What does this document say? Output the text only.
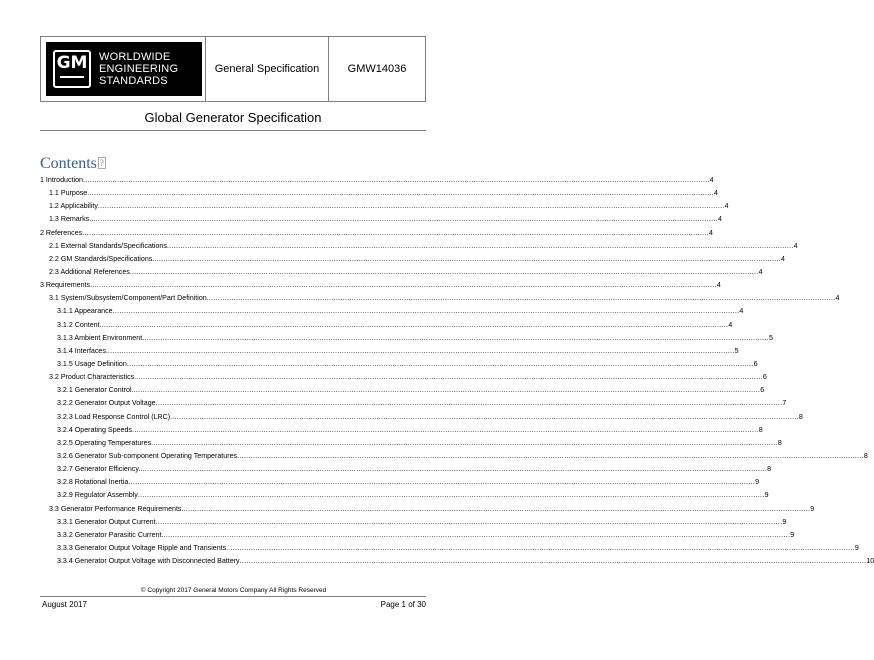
GM WORLDWIDE
ENGINEERING
STANDARDS
General Specification	GMW14036
Global Generator Specification
Contents ?
1 Introduction .....	4
1.1 Purpose .....	4
1.2 Applicability .....	4
1.3 Remarks. .....	4
2 References .....	4
2.1 External Standards/Specifications .....	4
2.2 GM Standards/Specifications. .....	4
2.3 Additional References. .....	4
3 Requirements .....	4
3.1 System/Subsystem/Component/Part Definition. .....	4
3.1.1 Appearance .....	4
3.1.2 Content. .....	4
3.1.3 Ambient Environment .....	5
3.1.4 Interfaces. .....	5
3.1.5 Usage Definition .....	6
3.2 Product Characteristics. .....	6
3.2.1 Generator Control. .....	6
3.2.2 Generator Output Voltage .....	7
3.2.3 Load Response Control (LRC). .....	8
3.2.4 Operating Speeds .....	8
3.2.5 Operating Temperatures .....	8
3.2.6 Generator Sub-component Operating Temperatures .....	8
3.2.7 Generator Efficiency. .....	8
3.2.8 Rotational Inertia .....	9
3.2.9 Regulator Assembly .....	9
3.3 Generator Performance Requirements. .....	9
3.3.1 Generator Output Current .....	9
3.3.2 Generator Parasitic Current. .....	9
3.3.3 Generator Output Voltage Ripple and Transients. .....	9
3.3.4 Generator Output Voltage with Disconnected Battery .....	10
© Copyright 2017 General Motors Company All Rights Reserved
August 2017	Page 1 of 30
